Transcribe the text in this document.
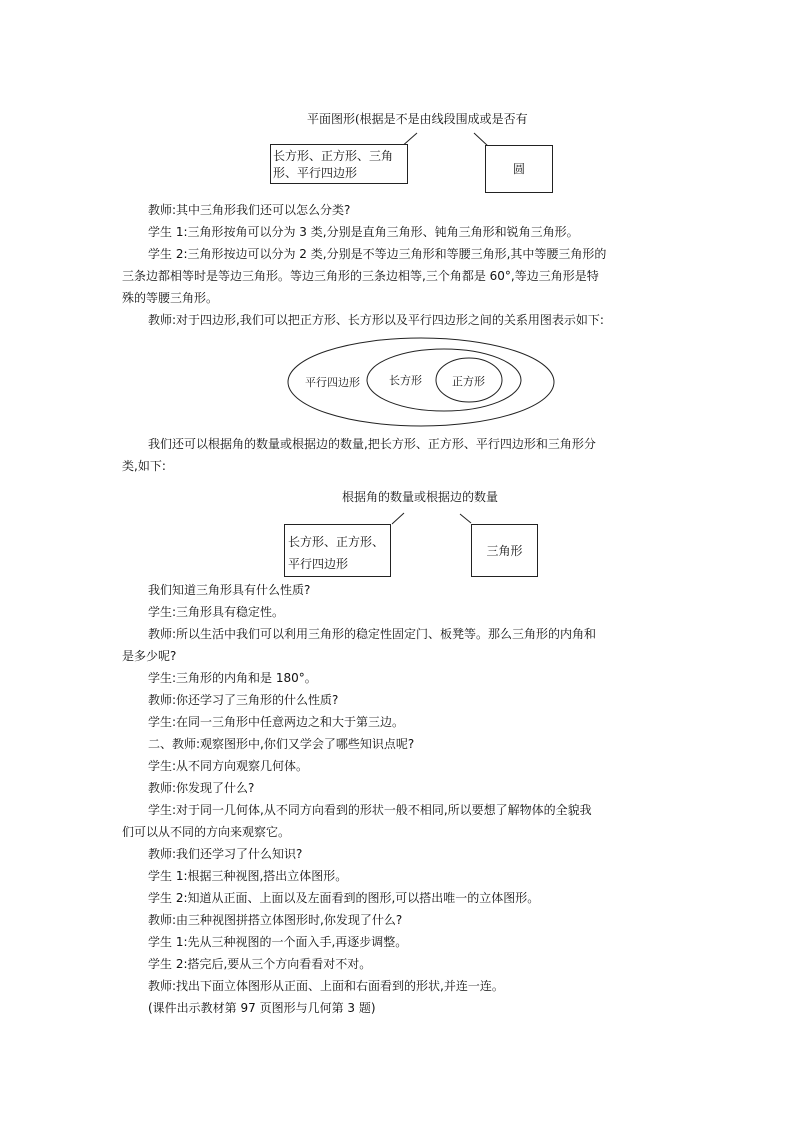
平面图形(根据是不是由线段围成或是否有
长方形、正方形、三角
形、平行四边形	圆
教师:其中三角形我们还可以怎么分类?
学生 1:三角形按角可以分为 3 类,分别是直角三角形、钝角三角形和锐角三角形。
学生 2:三角形按边可以分为 2 类,分别是不等边三角形和等腰三角形,其中等腰三角形的
三条边都相等时是等边三角形。等边三角形的三条边相等,三个角都是 60°,等边三角形是特
殊的等腰三角形。
教师:对于四边形,我们可以把正方形、长方形以及平行四边形之间的关系用图表示如下:
平行四边形	长方形	正方形
我们还可以根据角的数量或根据边的数量,把长方形、正方形、平行四边形和三角形分
类,如下:
根据角的数量或根据边的数量
长方形、正方形、
平行四边形
三角形
我们知道三角形具有什么性质?
学生:三角形具有稳定性。
教师:所以生活中我们可以利用三角形的稳定性固定门、板凳等。那么三角形的内角和
是多少呢?
学生:三角形的内角和是 180°。
教师:你还学习了三角形的什么性质?
学生:在同一三角形中任意两边之和大于第三边。
二、教师:观察图形中,你们又学会了哪些知识点呢?
学生:从不同方向观察几何体。
教师:你发现了什么?
学生:对于同一几何体,从不同方向看到的形状一般不相同,所以要想了解物体的全貌我
们可以从不同的方向来观察它。
教师:我们还学习了什么知识?
学生 1:根据三种视图,搭出立体图形。
学生 2:知道从正面、上面以及左面看到的图形,可以搭出唯一的立体图形。
教师:由三种视图拼搭立体图形时,你发现了什么?
学生 1:先从三种视图的一个面入手,再逐步调整。
学生 2:搭完后,要从三个方向看看对不对。
教师:找出下面立体图形从正面、上面和右面看到的形状,并连一连。
(课件出示教材第 97 页图形与几何第 3 题)
